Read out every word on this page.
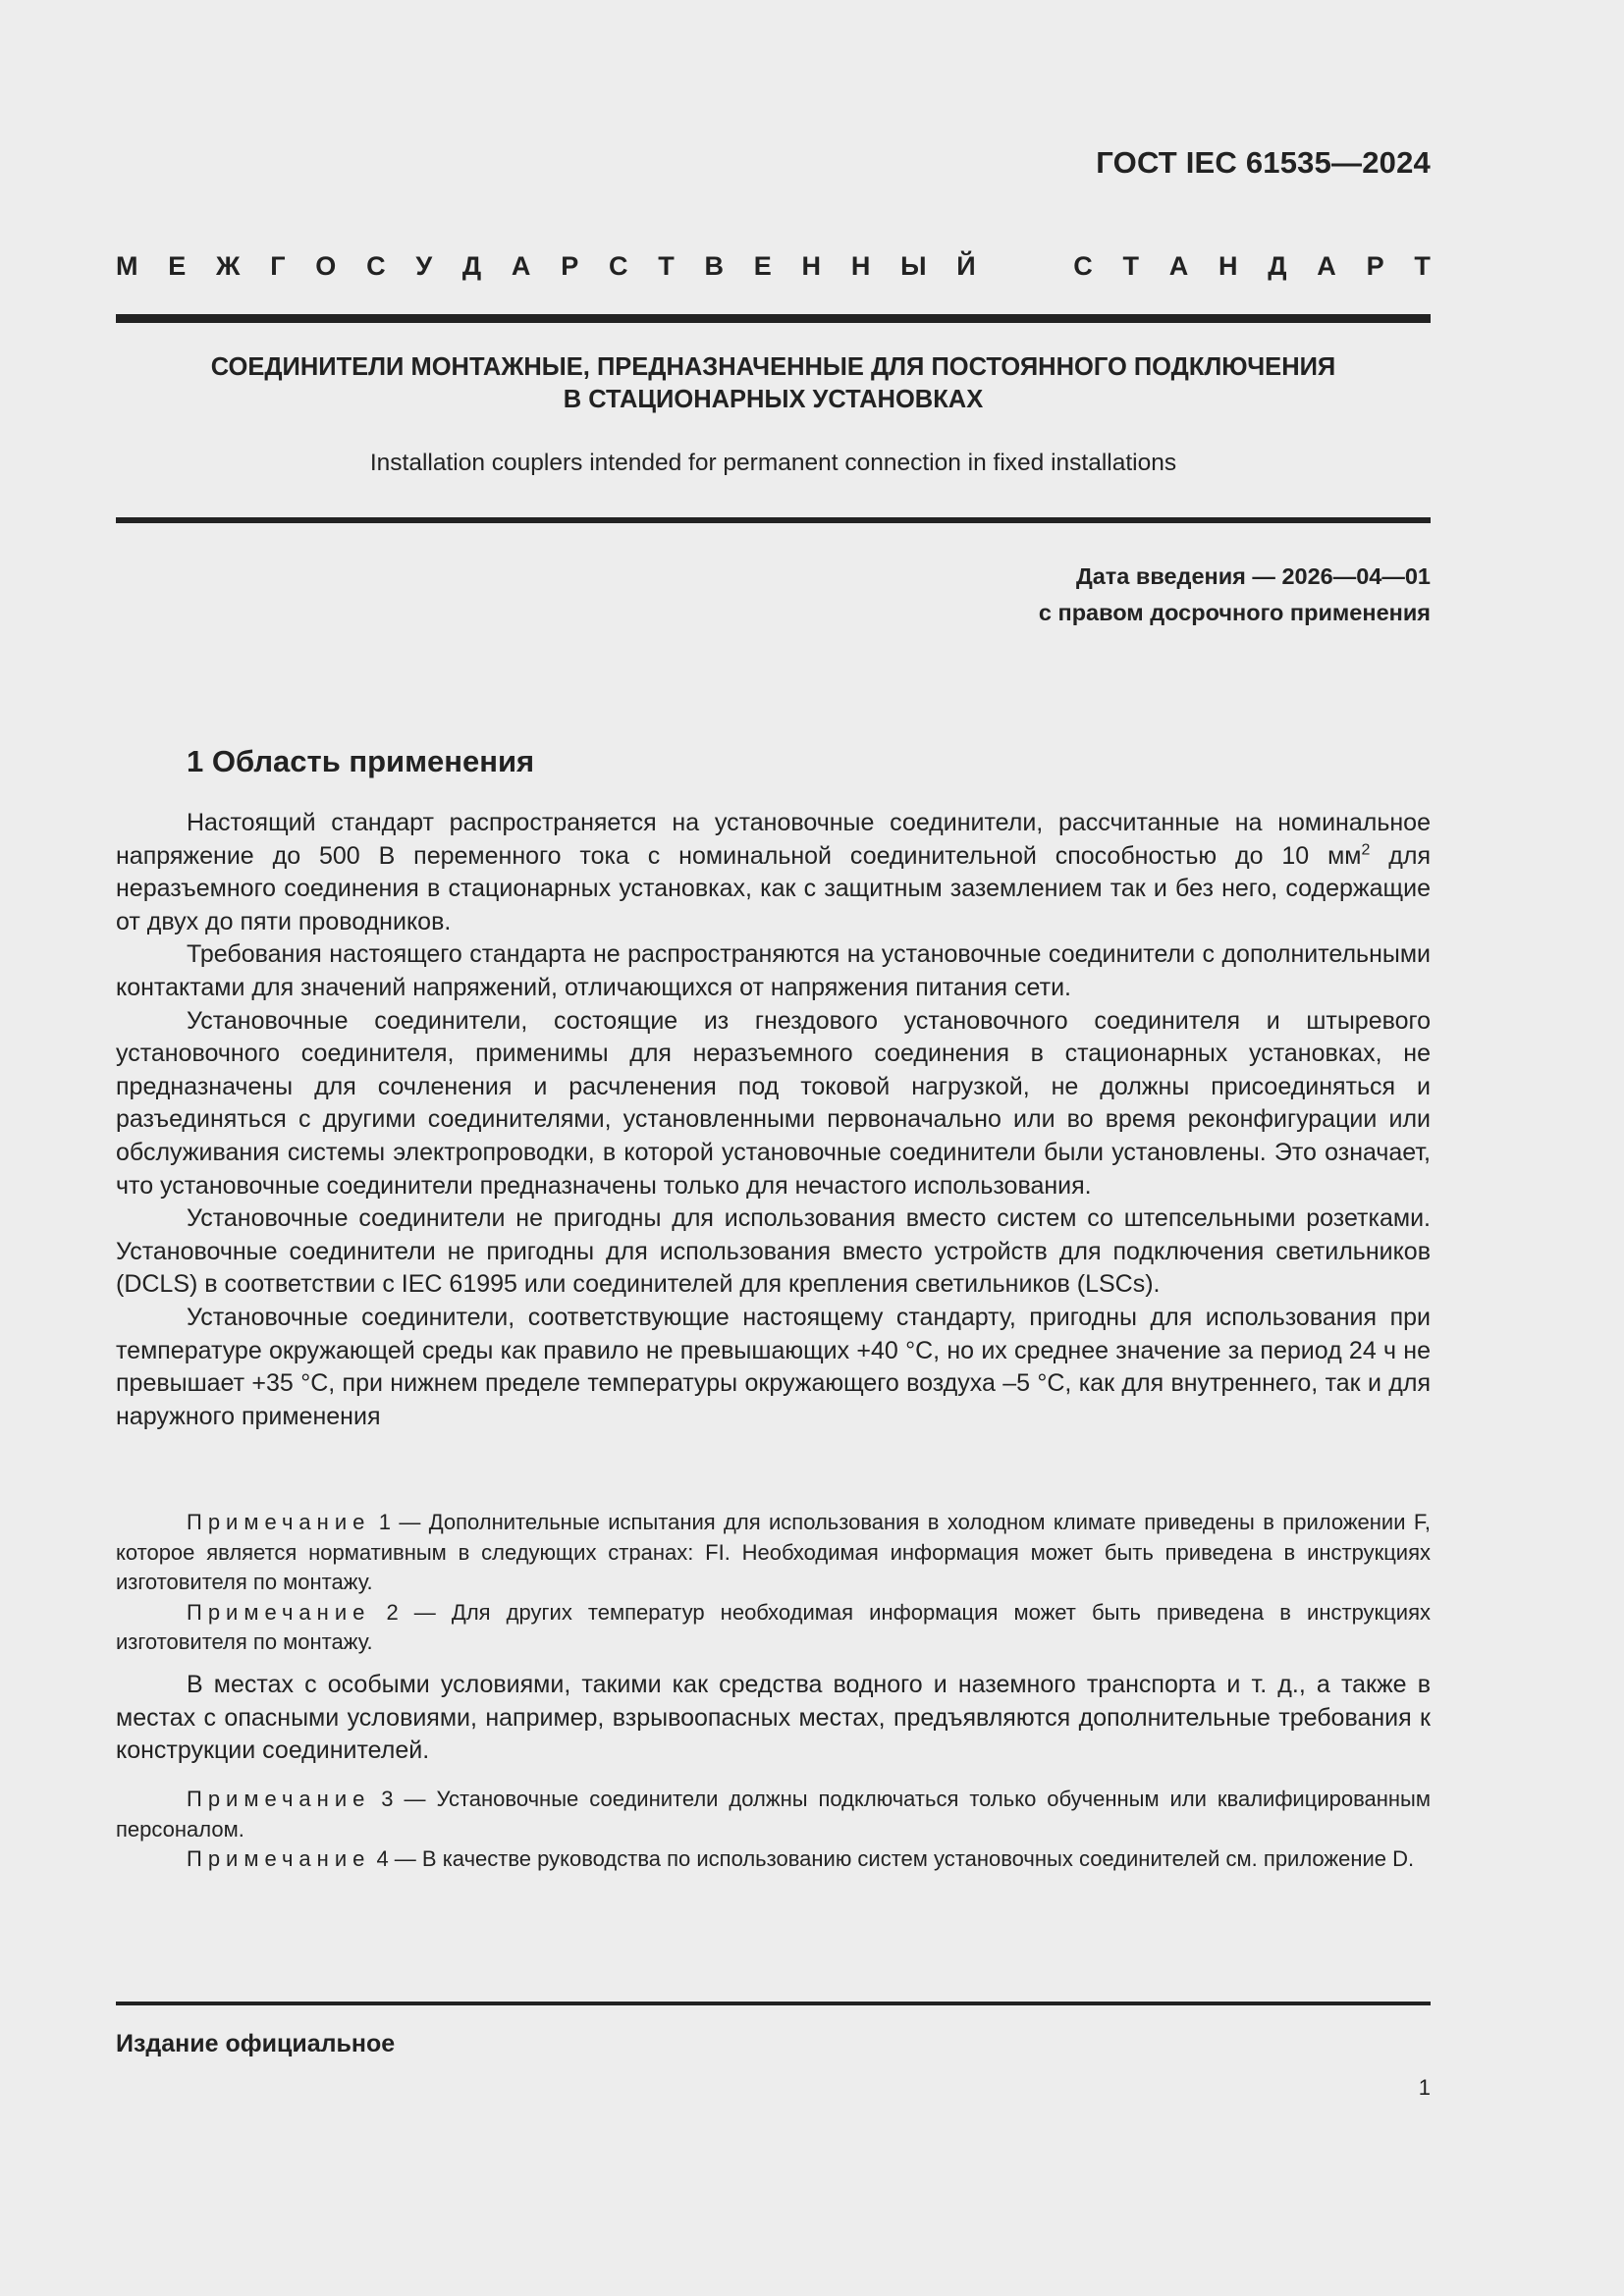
ГОСТ IEC 61535—2024
М Е Ж Г О С У Д А Р С Т В Е Н Н Ы Й	С Т А Н Д А Р Т
СОЕДИНИТЕЛИ МОНТАЖНЫЕ, ПРЕДНАЗНАЧЕННЫЕ ДЛЯ ПОСТОЯННОГО ПОДКЛЮЧЕНИЯ
В СТАЦИОНАРНЫХ УСТАНОВКАХ
Installation couplers intended for permanent connection in fixed installations
Дата введения — 2026—04—01
с правом досрочного применения
1 Область применения

Настоящий стандарт распространяется на установочные соединители, рассчитанные на номинальное напряжение до 500 В переменного тока с номинальной соединительной способностью до 10 $мм^2$ для неразъемного соединения в стационарных установках, как с защитным заземлением так и без него, содержащие от двух до пяти проводников.

Требования настоящего стандарта не распространяются на установочные соединители с дополнительными контактами для значений напряжений, отличающихся от напряжения питания сети.

Установочные соединители, состоящие из гнездового установочного соединителя и штыревого установочного соединителя, применимы для неразъемного соединения в стационарных установках, не предназначены для сочленения и расчленения под токовой нагрузкой, не должны присоединяться и разъединяться с другими соединителями, установленными первоначально или во время реконфигурации или обслуживания системы электропроводки, в которой установочные соединители были установлены. Это означает, что установочные соединители предназначены только для нечастого использования.

Установочные соединители не пригодны для использования вместо систем со штепсельными розетками. Установочные соединители не пригодны для использования вместо устройств для подключения светильников (DCLS) в соответствии с IEC 61995 или соединителей для крепления светильников (LSCs).

Установочные соединители, соответствующие настоящему стандарту, пригодны для использования при температуре окружающей среды как правило не превышающих +40 °С, но их среднее значение за период 24 ч не превышает +35 °С, при нижнем пределе температуры окружающего воздуха –5 °С, как для внутреннего, так и для наружного применения

Примечание 1 — Дополнительные испытания для использования в холодном климате приведены в приложении F, которое является нормативным в следующих странах: FI. Необходимая информация может быть приведена в инструкциях изготовителя по монтажу.

Примечание 2 — Для других температур необходимая информация может быть приведена в инструкциях изготовителя по монтажу.

В местах с особыми условиями, такими как средства водного и наземного транспорта и т. д., а также в местах с опасными условиями, например, взрывоопасных местах, предъявляются дополнительные требования к конструкции соединителей.

Примечание 3 — Установочные соединители должны подключаться только обученным или квалифицированным персоналом.

Примечание 4 — В качестве руководства по использованию систем установочных соединителей см. приложение D.

Издание официальное
1
